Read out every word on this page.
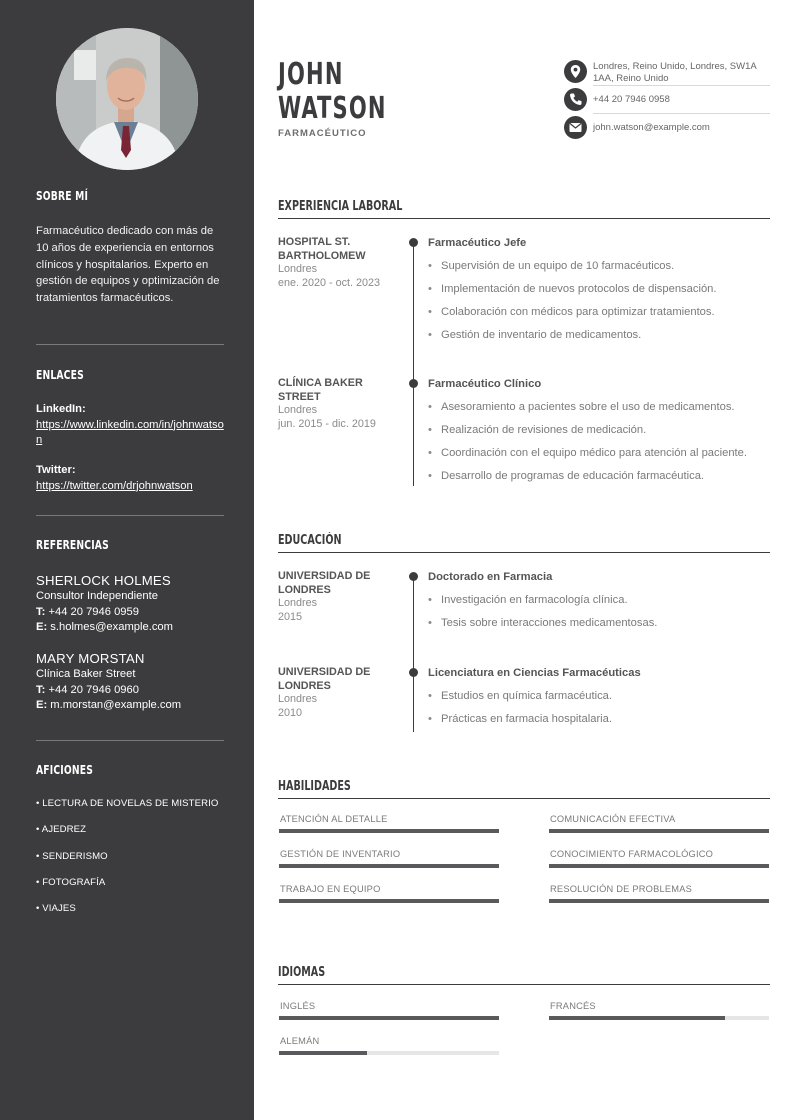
SOBRE MÍ

Farmacéutico dedicado con más de 10 años de experiencia en entornos clínicos y hospitalarios. Experto en gestión de equipos y optimización de tratamientos farmacéuticos.

ENLACES
LinkedIn:
https://www.linkedin.com/in/johnwatson
Twitter:
https://twitter.com/drjohnwatson
REFERENCIAS
SHERLOCK HOLMES
Consultor Independiente
T: +44 20 7946 0959
E: s.holmes@example.com
MARY MORSTAN
Clínica Baker Street
T: +44 20 7946 0960
E: m.morstan@example.com
AFICIONES
• LECTURA DE NOVELAS DE MISTERIO
• AJEDREZ
• SENDERISMO
• FOTOGRAFÍA
• VIAJES
JOHN
WATSON
FARMACÉUTICO
Londres, Reino Unido, Londres, SW1A 1AA, Reino Unido
+44 20 7946 0958
john.watson@example.com
EXPERIENCIA LABORAL
HOSPITAL ST. BARTHOLOMEW
Londres
ene. 2020 - oct. 2023
Farmacéutico Jefe
• Supervisión de un equipo de 10 farmacéuticos.
• Implementación de nuevos protocolos de dispensación.
• Colaboración con médicos para optimizar tratamientos.
• Gestión de inventario de medicamentos.
CLÍNICA BAKER STREET
Londres
jun. 2015 - dic. 2019
Farmacéutico Clínico
• Asesoramiento a pacientes sobre el uso de medicamentos.
• Realización de revisiones de medicación.
• Coordinación con el equipo médico para atención al paciente.
• Desarrollo de programas de educación farmacéutica.
EDUCACIÓN
UNIVERSIDAD DE LONDRES
Londres
2015
Doctorado en Farmacia
• Investigación en farmacología clínica.
• Tesis sobre interacciones medicamentosas.
UNIVERSIDAD DE LONDRES
Londres
2010
Licenciatura en Ciencias Farmacéuticas
• Estudios en química farmacéutica.
• Prácticas en farmacia hospitalaria.
HABILIDADES
ATENCIÓN AL DETALLE	COMUNICACIÓN EFECTIVA
GESTIÓN DE INVENTARIO	CONOCIMIENTO FARMACOLÓGICO
TRABAJO EN EQUIPO	RESOLUCIÓN DE PROBLEMAS
IDIOMAS
INGLÉS	FRANCÉS
ALEMÁN
